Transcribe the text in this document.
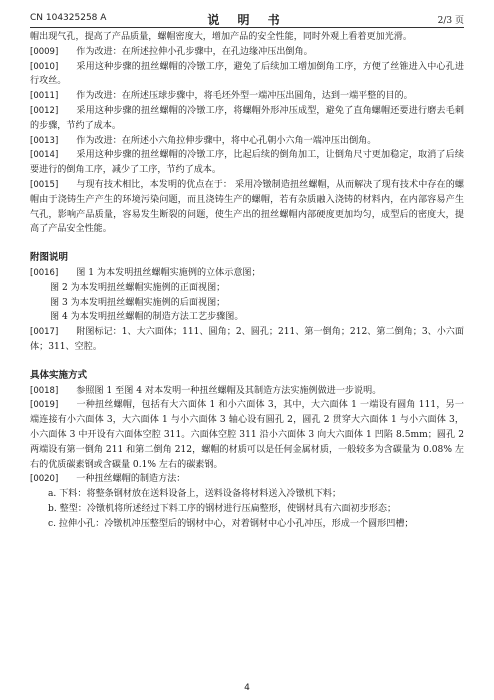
CN 104325258 A	说 明 书	2/3 页

帽出现气孔，提高了产品质量，螺帽密度大，增加产品的安全性能，同时外观上看着更加光滑。

[0009] 作为改进：在所述拉伸小孔步骤中，在孔边缘冲压出倒角。

[0010] 采用这种步骤的扭丝螺帽的冷镦工序，避免了后续加工增加倒角工序，方便了丝锥进入中心孔进行攻丝。

[0011] 作为改进：在所述压球步骤中，将毛坯外型一端冲压出圆角，达到一端平整的目的。

[0012] 采用这种步骤的扭丝螺帽的冷镦工序，将螺帽外形冲压成型，避免了直角螺帽还要进行磨去毛刺的步骤，节约了成本。

[0013] 作为改进：在所述小六角拉伸步骤中，将中心孔朝小六角一端冲压出倒角。

[0014] 采用这种步骤的扭丝螺帽的冷镦工序，比起后续的倒角加工，让倒角尺寸更加稳定，取消了后续要进行的倒角工序，减少了工序，节约了成本。

[0015] 与现有技术相比，本发明的优点在于： 采用冷镦制造扭丝螺帽，从而解决了现有技术中存在的螺帽由于浇铸生产产生的环境污染问题，而且浇铸生产的螺帽，若有杂质融入浇铸的材料内，在内部容易产生气孔，影响产品质量，容易发生断裂的问题，使生产出的扭丝螺帽内部硬度更加均匀，成型后的密度大，提高了产品安全性能。

附图说明

[0016] 图 1 为本发明扭丝螺帽实施例的立体示意图；

图 2 为本发明扭丝螺帽实施例的正面视图；

图 3 为本发明扭丝螺帽实施例的后面视图；

图 4 为本发明扭丝螺帽的制造方法工艺步骤图。

[0017] 附图标记：1、大六面体；111、圆角；2、圆孔；211、第一倒角；212、第二倒角；3、小六面体；311、空腔。

具体实施方式

[0018] 参照图 1 至图 4 对本发明一种扭丝螺帽及其制造方法实施例做进一步说明。

[0019] 一种扭丝螺帽，包括有大六面体 1 和小六面体 3，其中，大六面体 1 一端设有圆角 111，另一端连接有小六面体 3，大六面体 1 与小六面体 3 轴心设有圆孔 2，圆孔 2 贯穿大六面体 1 与小六面体 3，小六面体 3 中开设有六面体空腔 311。六面体空腔 311 沿小六面体 3 向大六面体 1 凹陷 8.5mm；圆孔 2 两端设有第一倒角 211 和第二倒角 212，螺帽的材质可以是任何金属材质，一般较多为含碳量为 0.08% 左右的优质碳素钢或含碳量 0.1% 左右的碳素钢。

[0020] 一种扭丝螺帽的制造方法：

a. 下料：将整条钢材放在送料设备上，送料设备将材料送入冷镦机下料；

b. 整型：冷镦机将所述经过下料工序的钢材进行压扁整形，使钢材具有六面初步形态；

c. 拉伸小孔：冷镦机冲压整型后的钢材中心，对着钢材中心小孔冲压，形成一个圆形凹槽；

4
